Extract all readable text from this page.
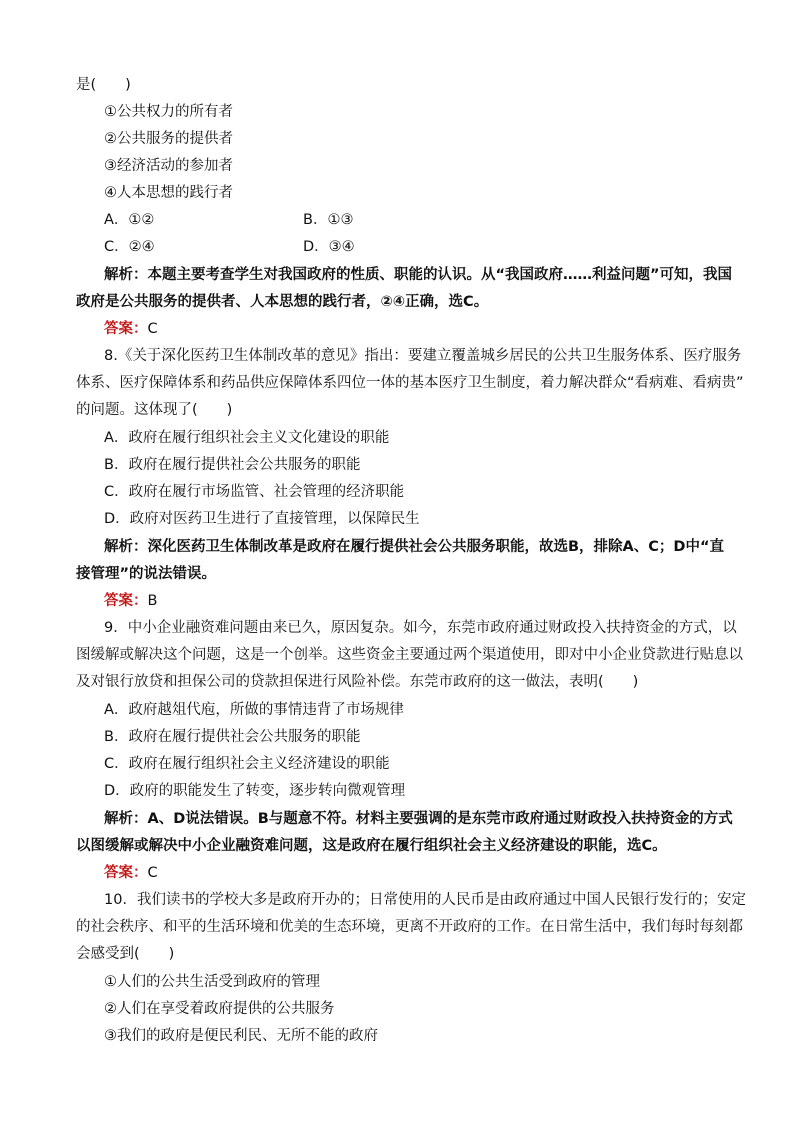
是(　　)
①公共权力的所有者
②公共服务的提供者
③经济活动的参加者
④人本思想的践行者
A．①②	B．①③
C．②④	D．③④
解析：本题主要考查学生对我国政府的性质、职能的认识。从“我国政府……利益问题”可知，我国
政府是公共服务的提供者、人本思想的践行者，②④正确，选C。
答案：C
8.《关于深化医药卫生体制改革的意见》指出：要建立覆盖城乡居民的公共卫生服务体系、医疗服务
体系、医疗保障体系和药品供应保障体系四位一体的基本医疗卫生制度，着力解决群众“看病难、看病贵”
的问题。这体现了(　　)
A．政府在履行组织社会主义文化建设的职能
B．政府在履行提供社会公共服务的职能
C．政府在履行市场监管、社会管理的经济职能
D．政府对医药卫生进行了直接管理，以保障民生
解析：深化医药卫生体制改革是政府在履行提供社会公共服务职能，故选B，排除A、C；D中“直
接管理”的说法错误。
答案：B
9．中小企业融资难问题由来已久，原因复杂。如今，东莞市政府通过财政投入扶持资金的方式，以
图缓解或解决这个问题，这是一个创举。这些资金主要通过两个渠道使用，即对中小企业贷款进行贴息以
及对银行放贷和担保公司的贷款担保进行风险补偿。东莞市政府的这一做法，表明(　　)
A．政府越俎代庖，所做的事情违背了市场规律
B．政府在履行提供社会公共服务的职能
C．政府在履行组织社会主义经济建设的职能
D．政府的职能发生了转变，逐步转向微观管理
解析：A、D说法错误。B与题意不符。材料主要强调的是东莞市政府通过财政投入扶持资金的方式
以图缓解或解决中小企业融资难问题，这是政府在履行组织社会主义经济建设的职能，选C。
答案：C
10．我们读书的学校大多是政府开办的；日常使用的人民币是由政府通过中国人民银行发行的；安定
的社会秩序、和平的生活环境和优美的生态环境，更离不开政府的工作。在日常生活中，我们每时每刻都
会感受到(　　)
①人们的公共生活受到政府的管理
②人们在享受着政府提供的公共服务
③我们的政府是便民利民、无所不能的政府
